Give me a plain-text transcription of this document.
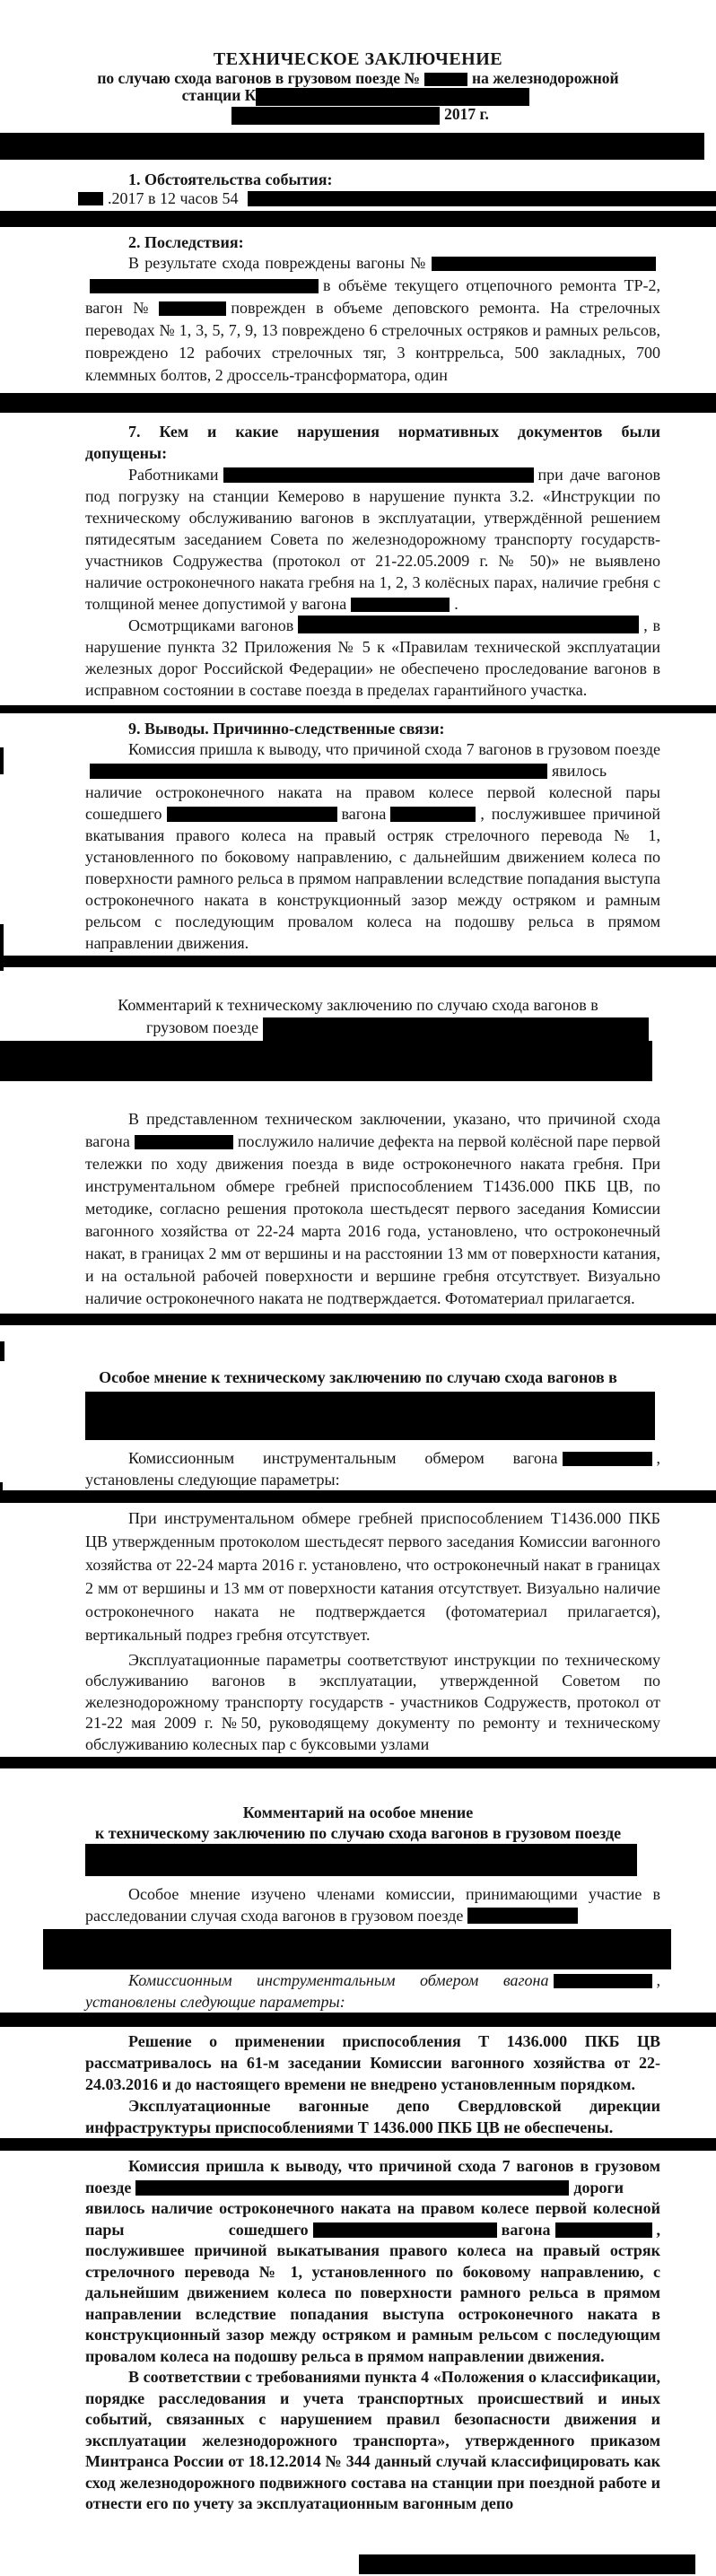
ТЕХНИЧЕСКОЕ ЗАКЛЮЧЕНИЕ
по случаю схода вагонов в грузовом поезде №	на железнодорожной
станции К
2017 г.

1. Обстоятельства события:

.2017 в 12 часов 54

2. Последствия:

В результате схода повреждены вагоны №в объёме текущего отцепочного ремонта ТР-2, вагон №	поврежден в объеме деповского ремонта. На стрелочных переводах № 1, 3, 5, 7, 9, 13 повреждено 6 стрелочных остряков и рамных рельсов, повреждено 12 рабочих стрелочных тяг, 3 контррельса, 500 закладных, 700 клеммных болтов, 2 дроссель-трансформатора, один

7. Кем и какие нарушения нормативных документов были

допущены:

Работниками	при даче вагонов под погрузку на станции Кемерово в нарушение пункта 3.2. «Инструкции по техническому обслуживанию вагонов в эксплуатации, утверждённой решением пятидесятым заседанием Совета по железнодорожному транспорту государств-участников Содружества (протокол от 21-22.05.2009 г. № 50)» не выявлено наличие остроконечного наката гребня на 1, 2, 3 колёсных парах, наличие гребня с толщиной менее допустимой у вагона	.

Осмотрщиками вагонов	, в нарушение пункта 32 Приложения № 5 к «Правилам технической эксплуатации железных дорог Российской Федерации» не обеспечено проследование вагонов в исправном состоянии в составе поезда в пределах гарантийного участка.

9. Выводы. Причинно-следственные связи:

Комиссия пришла к выводу, что причиной схода 7 вагонов в грузовом поездеявилось наличие остроконечного наката на правом колесе первой колесной пары сошедшего	вагона	, послужившее причиной вкатывания правого колеса на правый остряк стрелочного перевода № 1, установленного по боковому направлению, с дальнейшим движением колеса по поверхности рамного рельса в прямом направлении вследствие попадания выступа остроконечного наката в конструкционный зазор между остряком и рамным рельсом с последующим провалом колеса на подошву рельса в прямом направлении движения.

Комментарий к техническому заключению по случаю схода вагонов в

грузовом поезде

В представленном техническом заключении, указано, что причиной схода вагона	послужило наличие дефекта на первой колёсной паре первой тележки по ходу движения поезда в виде остроконечного наката гребня. При инструментальном обмере гребней приспособлением Т1436.000 ПКБ ЦВ, по методике, согласно решения протокола шестьдесят первого заседания Комиссии вагонного хозяйства от 22-24 марта 2016 года, установлено, что остроконечный накат, в границах 2 мм от вершины и на расстоянии 13 мм от поверхности катания, и на остальной рабочей поверхности и вершине гребня отсутствует. Визуально наличие остроконечного наката не подтверждается. Фотоматериал прилагается.

Особое мнение к техническому заключению по случаю схода вагонов в

Комиссионным инструментальным обмером вагона	, установлены следующие параметры:

При инструментальном обмере гребней приспособлением Т1436.000 ПКБ ЦВ утвержденным протоколом шестьдесят первого заседания Комиссии вагонного хозяйства от 22-24 марта 2016 г. установлено, что остроконечный накат в границах 2 мм от вершины и 13 мм от поверхности катания отсутствует. Визуально наличие остроконечного наката не подтверждается (фотоматериал прилагается), вертикальный подрез гребня отсутствует.

Эксплуатационные параметры соответствуют инструкции по техническому обслуживанию вагонов в эксплуатации, утвержденной Советом по железнодорожному транспорту государств - участников Содружеств, протокол от 21-22 мая 2009 г. №50, руководящему документу по ремонту и техническому обслуживанию колесных пар с буксовыми узлами

Комментарий на особое мнение

к техническому заключению по случаю схода вагонов в грузовом поезде

Особое мнение изучено членами комиссии, принимающими участие в расследовании случая схода вагонов в грузовом поезде

Комиссионным инструментальным обмером вагона	, установлены следующие параметры:

Решение о применении приспособления Т 1436.000 ПКБ ЦВ рассматривалось на 61-м заседании Комиссии вагонного хозяйства от 22-24.03.2016 и до настоящего времени не внедрено установленным порядком.

Эксплуатационные вагонные депо Свердловской дирекции инфраструктуры приспособлениями Т 1436.000 ПКБ ЦВ не обеспечены.

Комиссия пришла к выводу, что причиной схода 7 вагонов в грузовом поезде	дороги явилось наличие остроконечного наката на правом колесе первой колесной пары сошедшего	вагона	, послужившее причиной выкатывания правого колеса на правый остряк стрелочного перевода № 1, установленного по боковому направлению, с дальнейшим движением колеса по поверхности рамного рельса в прямом направлении вследствие попадания выступа остроконечного наката в конструкционный зазор между остряком и рамным рельсом с последующим провалом колеса на подошву рельса в прямом направлении движения.

В соответствии с требованиями пункта 4 «Положения о классификации, порядке расследования и учета транспортных происшествий и иных событий, связанных с нарушением правил безопасности движения и эксплуатации железнодорожного транспорта», утвержденного приказом Минтранса России от 18.12.2014 № 344 данный случай классифицировать как сход железнодорожного подвижного состава на станции при поездной работе и отнести его по учету за эксплуатационным вагонным депо
